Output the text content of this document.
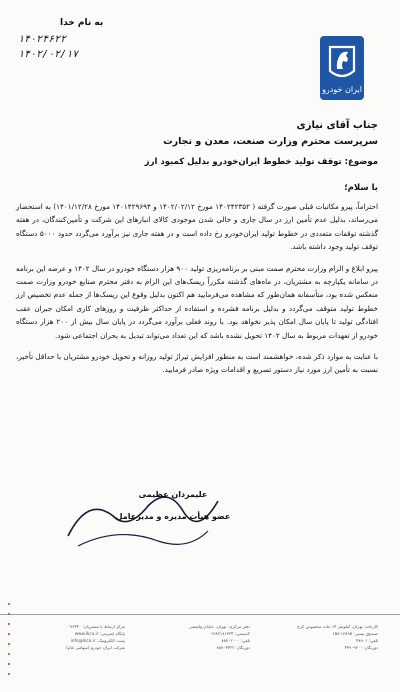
به نام خدا
۱۴۰۲۴۶۲۲
۱۴۰۲/۰۲/۱۷
ایران خودرو
جناب آقای نیازی
سرپرست محترم وزارت صنعت، معدن و تجارت
موضوع: توقف تولید خطوط ایران‌خودرو بدلیل کمبود ارز
با سلام؛

احتراماً، پیرو مکاتبات قبلی صورت گرفته ( ۱۴۰۲۴۲۳۵۲ مورخ ۱۴۰۲/۰۲/۱۲ و ۱۴۰۱۴۲۹۶۹۴ مورخ ۱۴۰۱/۱۲/۲۸) به استحضار می‌رساند، بدلیل عدم تأمین ارز در سال جاری و خالی شدن موجودی کالای انبارهای این شرکت و تأمین‌کنندگان، در هفته گذشته توقفات متعددی در خطوط تولید ایران‌خودرو رخ داده است و در هفته جاری نیز برآورد می‌گردد حدود ۵۰۰۰ دستگاه توقف تولید وجود داشته باشد.

پیرو ابلاغ و الزام وزارت محترم صمت مبنی بر برنامه‌ریزی تولید ۹۰۰ هزار دستگاه خودرو در سال ۱۴۰۲ و عرضه این برنامه در سامانه یکپارچه به مشتریان، در ماه‌های گذشته مکرراً ریسک‌های این الزام به دفتر محترم صنایع خودرو وزارت صمت منعکس شده بود، متأسفانه همان‌طور که مشاهده می‌فرمایید هم اکنون بدلیل وقوع این ریسک‌ها از جمله عدم تخصیص ارز خطوط تولید متوقف می‌گردد و بدلیل برنامه فشرده و استفاده از حداکثر ظرفیت و روزهای کاری امکان جبران عقب افتادگی تولید تا پایان سال امکان پذیر نخواهد بود. با روند فعلی برآورد می‌گردد در پایان سال بیش از ۲۰۰ هزار دستگاه خودرو از تعهدات مربوط به سال ۱۴۰۲ تحویل نشده باشد که این تعداد می‌تواند تبدیل به بحران اجتماعی شود.

با عنایت به موارد ذکر شده، خواهشمند است به منظور افزایش تیراژ تولید روزانه و تحویل خودرو مشتریان با حداقل تأخیر، نسبت به تأمین ارز مورد نیاز دستور تسریع و اقدامات ویژه صادر فرمایید.

علیمردان عظیمی
عضو هیأت مدیره و مدیرعامل
کارخانه: تهران، کیلومتر ۱۴ جاده مخصوص کرج
صندوق پستی: ۱۳۸۹۵-۱۵۸
تلفن: ۴۸۹۰۱
دورنگار: ۴۴۹۰۹۲۰۰
دفتر مرکزی: تهران، خیابان ولیعصر
کدپستی: ۱۳۸۶۱۹۱۳۳۴
تلفن: ۸۸۷۰۲۰۰۰
دورنگار: ۸۸۷۰۴۴۲۲
مرکز ارتباط با مشتریان: ۰۹۶۴۴۰
پایگاه اینترنتی: www.ikco.ir
پست الکترونیک: info@ikco.ir
شرکت ایران خودرو (سهامی عام)
